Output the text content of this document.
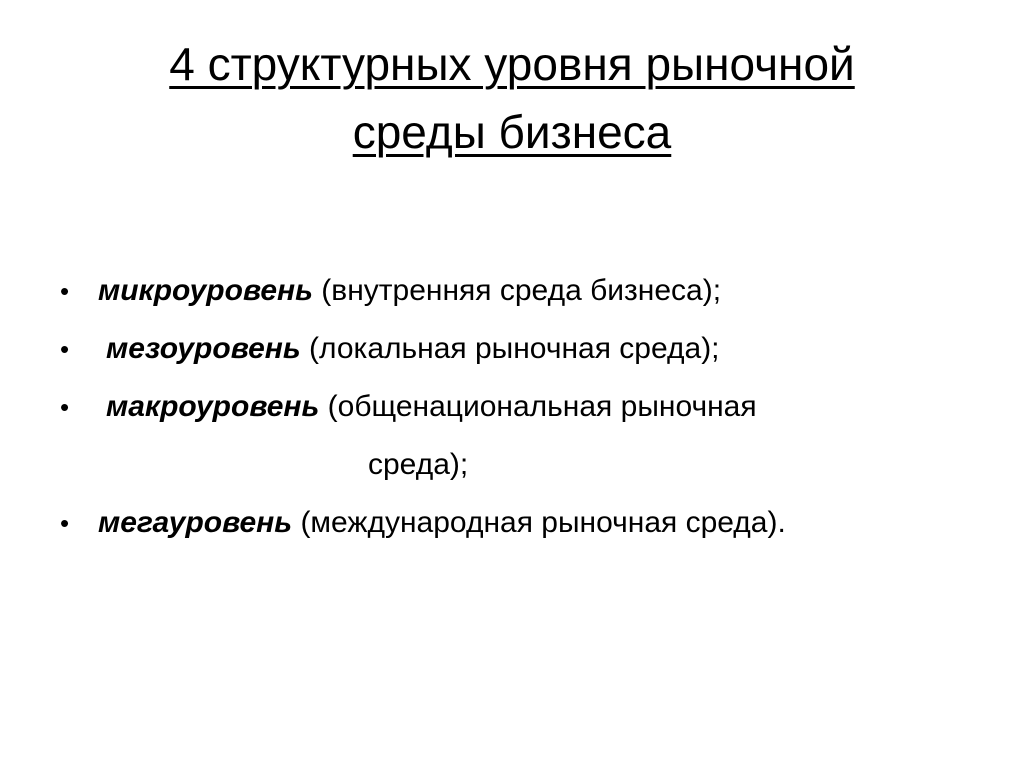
4 структурных уровня рыночной
среды бизнеса
• микроуровень (внутренняя среда бизнеса);
•	мезоуровень (локальная рыночная среда);
•	макроуровень (общенациональная рыночная
среда);
• мегауровень (международная рыночная среда).
